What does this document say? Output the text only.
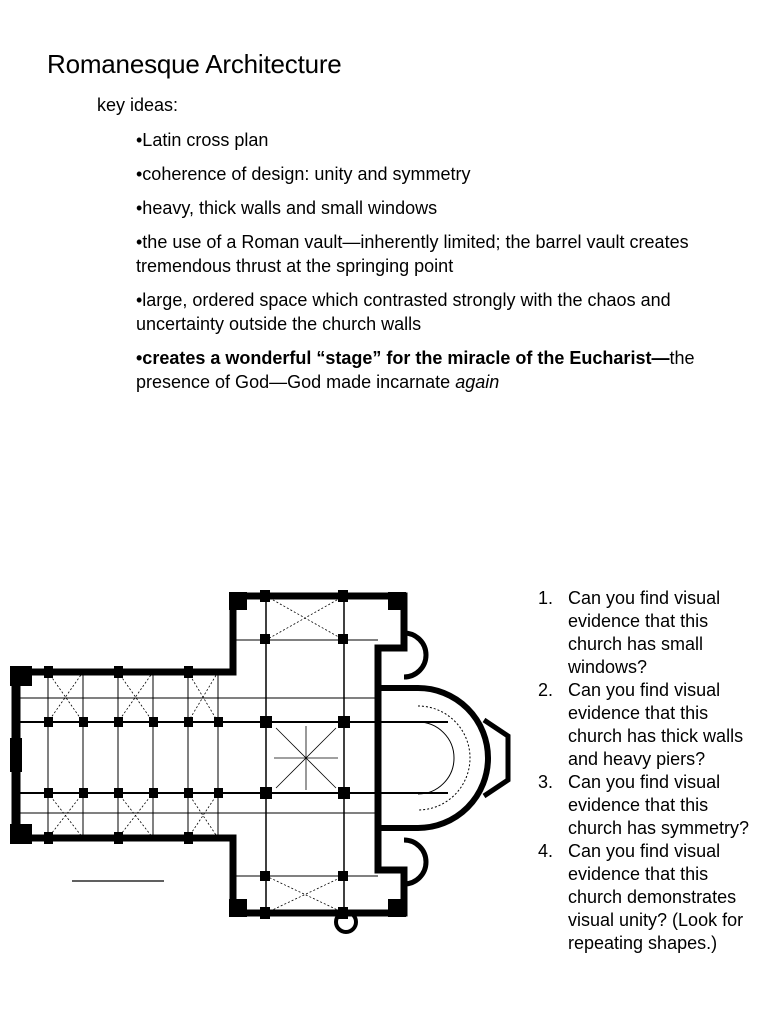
Romanesque Architecture
key ideas:
•Latin cross plan
•coherence of design: unity and symmetry
•heavy, thick walls and small windows
•the use of a Roman vault—inherently limited; the barrel vault creates tremendous thrust at the springing point
•large, ordered space which contrasted strongly with the chaos and uncertainty outside the church walls
•creates a wonderful “stage” for the miracle of the Eucharist—the presence of God—God made incarnate again
1. Can you find visual evidence that this church has small windows?
2. Can you find visual evidence that this church has thick walls and heavy piers?
3. Can you find visual evidence that this church has symmetry?
4. Can you find visual evidence that this church demonstrates visual unity? (Look for repeating shapes.)
